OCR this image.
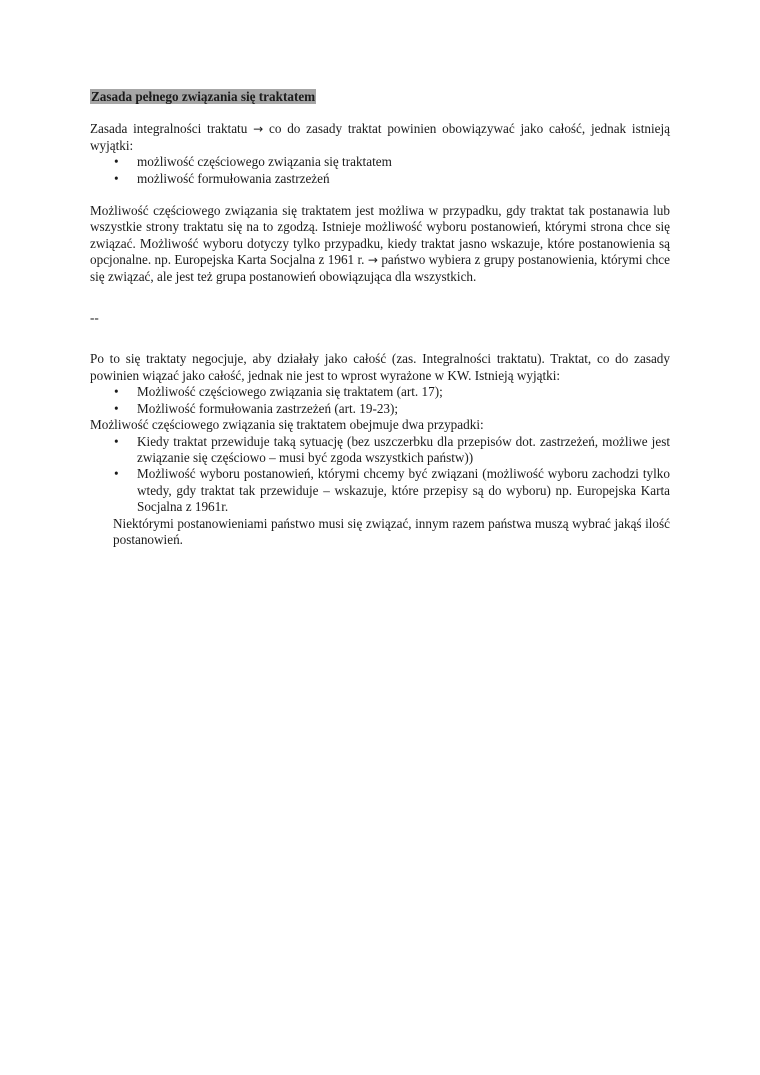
Zasada pełnego związania się traktatem

Zasada integralności traktatu → co do zasady traktat powinien obowiązywać jako całość, jednak istnieją wyjątki:

• możliwość częściowego związania się traktatem
• możliwość formułowania zastrzeżeń

Możliwość częściowego związania się traktatem jest możliwa w przypadku, gdy traktat tak postanawia lub wszystkie strony traktatu się na to zgodzą. Istnieje możliwość wyboru postanowień, którymi strona chce się związać. Możliwość wyboru dotyczy tylko przypadku, kiedy traktat jasno wskazuje, które postanowienia są opcjonalne. np. Europejska Karta Socjalna z 1961 r. → państwo wybiera z grupy postanowienia, którymi chce się związać, ale jest też grupa postanowień obowiązująca dla wszystkich.

--

Po to się traktaty negocjuje, aby działały jako całość (zas. Integralności traktatu). Traktat, co do zasady powinien wiązać jako całość, jednak nie jest to wprost wyrażone w KW. Istnieją wyjątki:

• Możliwość częściowego związania się traktatem (art. 17);
• Możliwość formułowania zastrzeżeń (art. 19-23);

Możliwość częściowego związania się traktatem obejmuje dwa przypadki:

• Kiedy traktat przewiduje taką sytuację (bez uszczerbku dla przepisów dot. zastrzeżeń, możliwe jest związanie się częściowo – musi być zgoda wszystkich państw))
• Możliwość wyboru postanowień, którymi chcemy być związani (możliwość wyboru zachodzi tylko wtedy, gdy traktat tak przewiduje – wskazuje, które przepisy są do wyboru) np. Europejska Karta Socjalna z 1961r.

Niektórymi postanowieniami państwo musi się związać, innym razem państwa muszą wybrać jakąś ilość postanowień.
